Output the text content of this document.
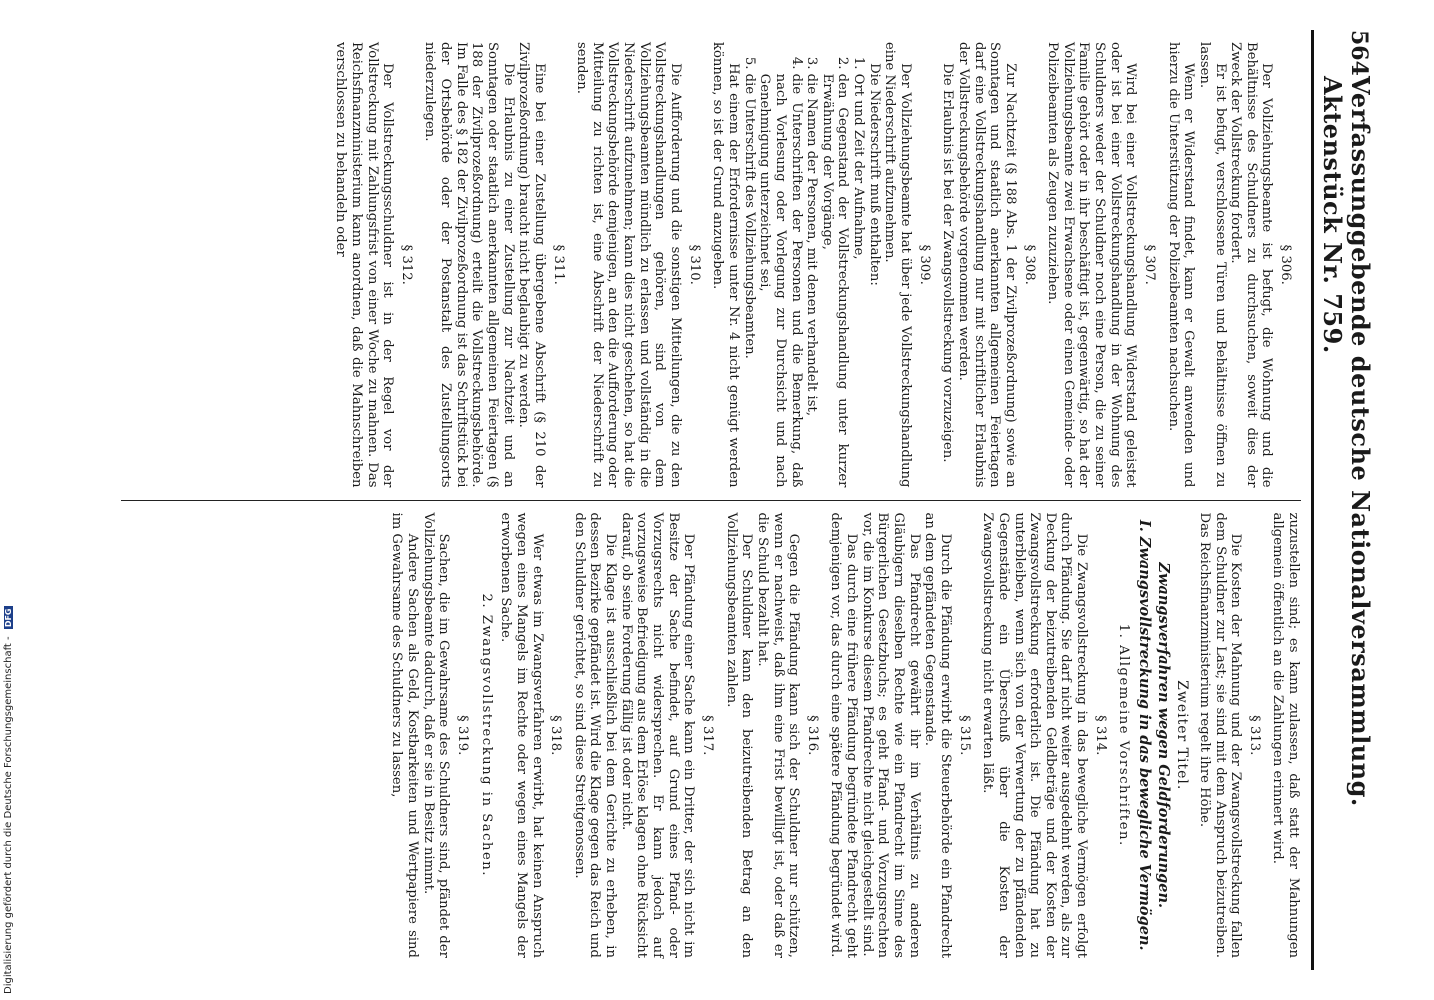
564
Verfassunggebende deutsche Nationalversammlung. Aktenstück Nr. 759.
§ 306.

Der Vollziehungsbeamte ist befugt, die Wohnung und die Behältnisse des Schuldners zu durchsuchen, soweit dies der Zweck der Vollstreckung fordert.

Er ist befugt, verschlossene Türen und Behältnisse öffnen zu lassen.

Wenn er Widerstand findet, kann er Gewalt anwenden und hierzu die Unterstützung der Polizeibeamten nachsuchen.

§ 307.

Wird bei einer Vollstreckungshandlung Widerstand geleistet oder ist bei einer Vollstreckungshandlung in der Wohnung des Schuldners weder der Schuldner noch eine Person, die zu seiner Familie gehört oder in ihr beschäftigt ist, gegenwärtig, so hat der Vollziehungsbeamte zwei Erwachsene oder einen Gemeinde- oder Polizeibeamten als Zeugen zuzuziehen.

§ 308.

Zur Nachtzeit (§ 188 Abs. 1 der Zivilprozeßordnung) sowie an Sonntagen und staatlich anerkannten allgemeinen Feiertagen darf eine Vollstreckungshandlung nur mit schriftlicher Erlaubnis der Vollstreckungsbehörde vorgenommen werden.

Die Erlaubnis ist bei der Zwangsvollstreckung vorzuzeigen.

§ 309.

Der Vollziehungsbeamte hat über jede Vollstreckungshandlung eine Niederschrift aufzunehmen.

Die Niederschrift muß enthalten:

1. Ort und Zeit der Aufnahme,
2. den Gegenstand der Vollstreckungshandlung unter kurzer Erwähnung der Vorgänge,
3. die Namen der Personen, mit denen verhandelt ist,
4. die Unterschriften der Personen und die Bemerkung, daß nach Vorlesung oder Vorlegung zur Durchsicht und nach Genehmigung unterzeichnet sei,
5. die Unterschrift des Vollziehungsbeamten.

Hat einem der Erfordernisse unter Nr. 4 nicht genügt werden können, so ist der Grund anzugeben.

§ 310.

Die Aufforderung und die sonstigen Mitteilungen, die zu den Vollstreckungshandlungen gehören, sind von dem Vollziehungsbeamten mündlich zu erlassen und vollständig in die Niederschrift aufzunehmen; kann dies nicht geschehen, so hat die Vollstreckungsbehörde demjenigen, an den die Aufforderung oder Mitteilung zu richten ist, eine Abschrift der Niederschrift zu senden.

§ 311.

Eine bei einer Zustellung übergebene Abschrift (§ 210 der Zivilprozeßordnung) braucht nicht beglaubigt zu werden.

Die Erlaubnis zu einer Zustellung zur Nachtzeit und an Sonntagen oder staatlich anerkannten allgemeinen Feiertagen (§ 188 der Zivilprozeßordnung) erteilt die Vollstreckungsbehörde. Im Falle des § 182 der Zivilprozeßordnung ist das Schriftstück bei der Ortsbehörde oder der Postanstalt des Zustellungsorts niederzulegen.

§ 312.

Der Vollstreckungsschuldner ist in der Regel vor der Vollstreckung mit Zahlungsfrist von einer Woche zu mahnen. Das Reichsfinanzministerium kann anordnen, daß die Mahnschreiben verschlossen zu behandeln oder

zuzustellen sind; es kann zulassen, daß statt der Mahnungen allgemein öffentlich an die Zahlungen erinnert wird.

§ 313.

Die Kosten der Mahnung und der Zwangsvollstreckung fallen dem Schuldner zur Last; sie sind mit dem Anspruch beizutreiben. Das Reichsfinanzministerium regelt ihre Höhe.

Zweiter Titel.
Zwangsverfahren wegen Geldforderungen.
I. Zwangsvollstreckung in das bewegliche Vermögen.
1. Allgemeine Vorschriften.
§ 314.

Die Zwangsvollstreckung in das bewegliche Vermögen erfolgt durch Pfändung. Sie darf nicht weiter ausgedehnt werden, als zur Deckung der beizutreibenden Geldbeträge und der Kosten der Zwangsvollstreckung erforderlich ist. Die Pfändung hat zu unterbleiben, wenn sich von der Verwertung der zu pfändenden Gegenstände ein Überschuß über die Kosten der Zwangsvollstreckung nicht erwarten läßt.

§ 315.

Durch die Pfändung erwirbt die Steuerbehörde ein Pfandrecht an dem gepfändeten Gegenstande.

Das Pfandrecht gewährt ihr im Verhältnis zu anderen Gläubigern dieselben Rechte wie ein Pfandrecht im Sinne des Bürgerlichen Gesetzbuchs; es geht Pfand- und Vorzugsrechten vor, die im Konkurse diesem Pfandrechte nicht gleichgestellt sind.

Das durch eine frühere Pfändung begründete Pfandrecht geht demjenigen vor, das durch eine spätere Pfändung begründet wird.

§ 316.

Gegen die Pfändung kann sich der Schuldner nur schützen, wenn er nachweist, daß ihm eine Frist bewilligt ist, oder daß er die Schuld bezahlt hat.

Der Schuldner kann den beizutreibenden Betrag an den Vollziehungsbeamten zahlen.

§ 317.

Der Pfändung einer Sache kann ein Dritter, der sich nicht im Besitze der Sache befindet, auf Grund eines Pfand- oder Vorzugsrechts nicht widersprechen. Er kann jedoch auf vorzugsweise Befriedigung aus dem Erlöse klagen ohne Rücksicht darauf, ob seine Forderung fällig ist oder nicht.

Die Klage ist ausschließlich bei dem Gerichte zu erheben, in dessen Bezirke gepfändet ist. Wird die Klage gegen das Reich und den Schuldner gerichtet, so sind diese Streitgenossen.

§ 318.

Wer etwas im Zwangsverfahren erwirbt, hat keinen Anspruch wegen eines Mangels im Rechte oder wegen eines Mangels der erworbenen Sache.

2. Zwangsvollstreckung in Sachen.
§ 319.

Sachen, die im Gewahrsame des Schuldners sind, pfändet der Vollziehungsbeamte dadurch, daß er sie in Besitz nimmt.

Andere Sachen als Geld, Kostbarkeiten und Wertpapiere sind im Gewahrsame des Schuldners zu lassen,

Digitalisierung gefördert durch die Deutsche Forschungsgemeinschaft - DFG
